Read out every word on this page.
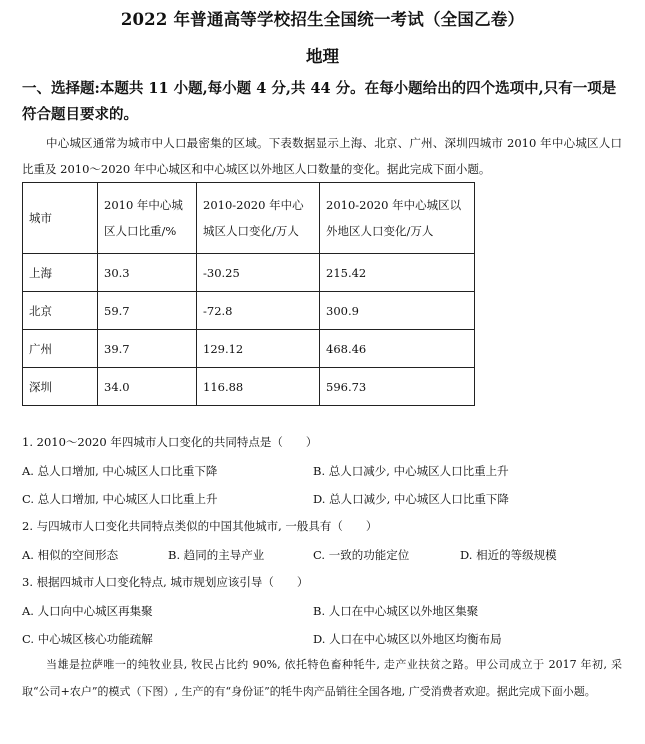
2022 年普通高等学校招生全国统一考试（全国乙卷）
地理
一、选择题:本题共 11 小题,每小题 4 分,共 44 分。在每小题给出的四个选项中,只有一项是符合题目要求的。
中心城区通常为城市中人口最密集的区域。下表数据显示上海、北京、广州、深圳四城市 2010 年中心城区人口比重及 2010～2020 年中心城区和中心城区以外地区人口数量的变化。据此完成下面小题。
城市	2010 年中心城区人口比重/%	2010-2020 年中心城区人口变化/万人	2010-2020 年中心城区以外地区人口变化/万人
上海	30.3	-30.25	215.42
北京	59.7	-72.8	300.9
广州	39.7	129.12	468.46
深圳	34.0	116.88	596.73
1. 2010～2020 年四城市人口变化的共同特点是（　　）
A. 总人口增加, 中心城区人口比重下降	B. 总人口减少, 中心城区人口比重上升
C. 总人口增加, 中心城区人口比重上升	D. 总人口减少, 中心城区人口比重下降
2. 与四城市人口变化共同特点类似的中国其他城市, 一般具有（　　）
A. 相似的空间形态	B. 趋同的主导产业	C. 一致的功能定位	D. 相近的等级规模
3. 根据四城市人口变化特点, 城市规划应该引导（　　）
A. 人口向中心城区再集聚	B. 人口在中心城区以外地区集聚
C. 中心城区核心功能疏解	D. 人口在中心城区以外地区均衡布局
当雄是拉萨唯一的纯牧业县, 牧民占比约 90%, 依托特色畜种牦牛, 走产业扶贫之路。甲公司成立于 2017 年初, 采取“公司+农户”的模式（下图）, 生产的有“身份证”的牦牛肉产品销往全国各地, 广受消费者欢迎。据此完成下面小题。
